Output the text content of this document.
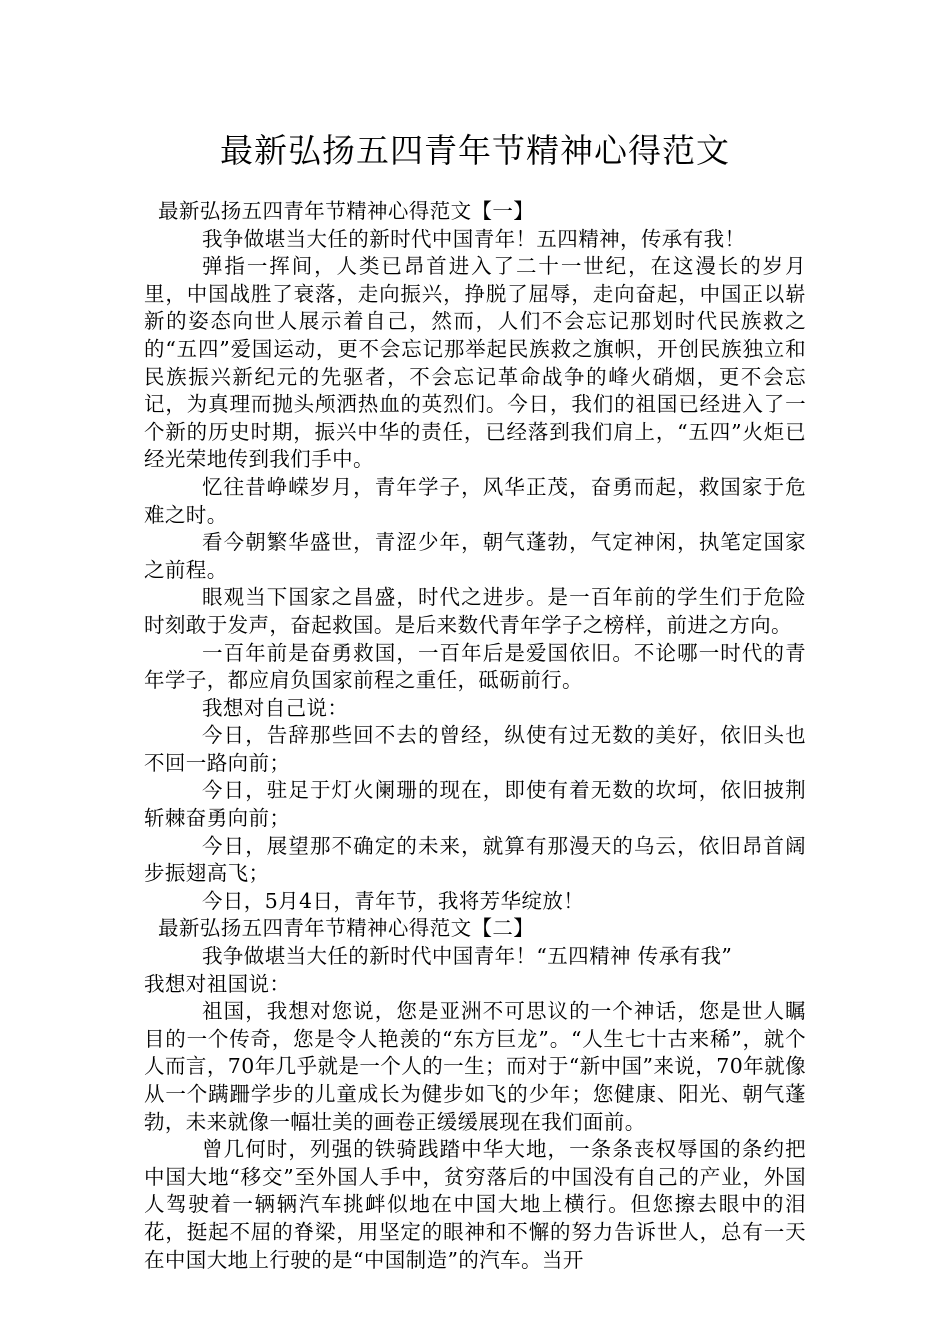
最新弘扬五四青年节精神心得范文

最新弘扬五四青年节精神心得范文【一】

我争做堪当大任的新时代中国青年！五四精神，传承有我！

弹指一挥间，人类已昂首进入了二十一世纪，在这漫长的岁月里，中国战胜了衰落，走向振兴，挣脱了屈辱，走向奋起，中国正以崭新的姿态向世人展示着自己，然而，人们不会忘记那划时代民族救之的“五四”爱国运动，更不会忘记那举起民族救之旗帜，开创民族独立和民族振兴新纪元的先驱者，不会忘记革命战争的峰火硝烟，更不会忘记，为真理而抛头颅洒热血的英烈们。今日，我们的祖国已经进入了一个新的历史时期，振兴中华的责任，已经落到我们肩上，“五四”火炬已经光荣地传到我们手中。

忆往昔峥嵘岁月，青年学子，风华正茂，奋勇而起，救国家于危难之时。

看今朝繁华盛世，青涩少年，朝气蓬勃，气定神闲，执笔定国家之前程。

眼观当下国家之昌盛，时代之进步。是一百年前的学生们于危险时刻敢于发声，奋起救国。是后来数代青年学子之榜样，前进之方向。

一百年前是奋勇救国，一百年后是爱国依旧。不论哪一时代的青年学子，都应肩负国家前程之重任，砥砺前行。

我想对自己说：

今日，告辞那些回不去的曾经，纵使有过无数的美好，依旧头也不回一路向前；

今日，驻足于灯火阑珊的现在，即使有着无数的坎坷，依旧披荆斩棘奋勇向前；

今日，展望那不确定的未来，就算有那漫天的乌云，依旧昂首阔步振翅高飞；

今日，5月4日，青年节，我将芳华绽放！

最新弘扬五四青年节精神心得范文【二】

我争做堪当大任的新时代中国青年！“五四精神 传承有我”

我想对祖国说：

祖国，我想对您说，您是亚洲不可思议的一个神话，您是世人瞩目的一个传奇，您是令人艳羡的“东方巨龙”。“人生七十古来稀”，就个人而言，70年几乎就是一个人的一生；而对于“新中国”来说，70年就像从一个蹒跚学步的儿童成长为健步如飞的少年；您健康、阳光、朝气蓬勃，未来就像一幅壮美的画卷正缓缓展现在我们面前。

曾几何时，列强的铁骑践踏中华大地，一条条丧权辱国的条约把中国大地“移交”至外国人手中，贫穷落后的中国没有自己的产业，外国人驾驶着一辆辆汽车挑衅似地在中国大地上横行。但您擦去眼中的泪花，挺起不屈的脊梁，用坚定的眼神和不懈的努力告诉世人，总有一天在中国大地上行驶的是“中国制造”的汽车。当开
